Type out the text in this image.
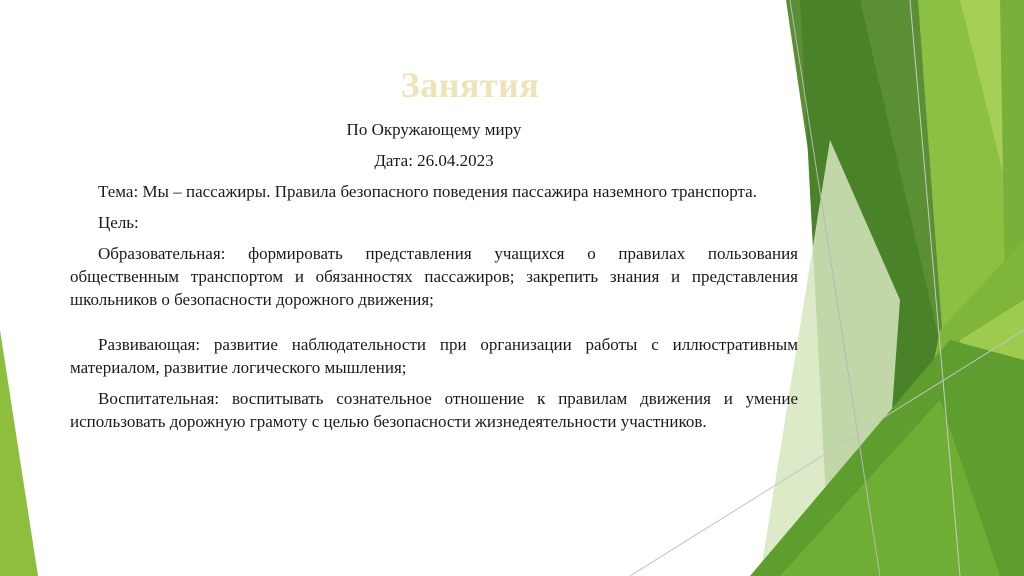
Занятия

По Окружающему миру

Дата: 26.04.2023

Тема: Мы – пассажиры. Правила безопасного поведения пассажира наземного транспорта.

Цель:

Образовательная: формировать представления учащихся о правилах пользования общественным транспортом и обязанностях пассажиров; закрепить знания и представления школьников о безопасности дорожного движения;

Развивающая: развитие наблюдательности при организации работы с иллюстративным материалом, развитие логического мышления;

Воспитательная: воспитывать сознательное отношение к правилам движения и умение использовать дорожную грамоту с целью безопасности жизнедеятельности участников.
